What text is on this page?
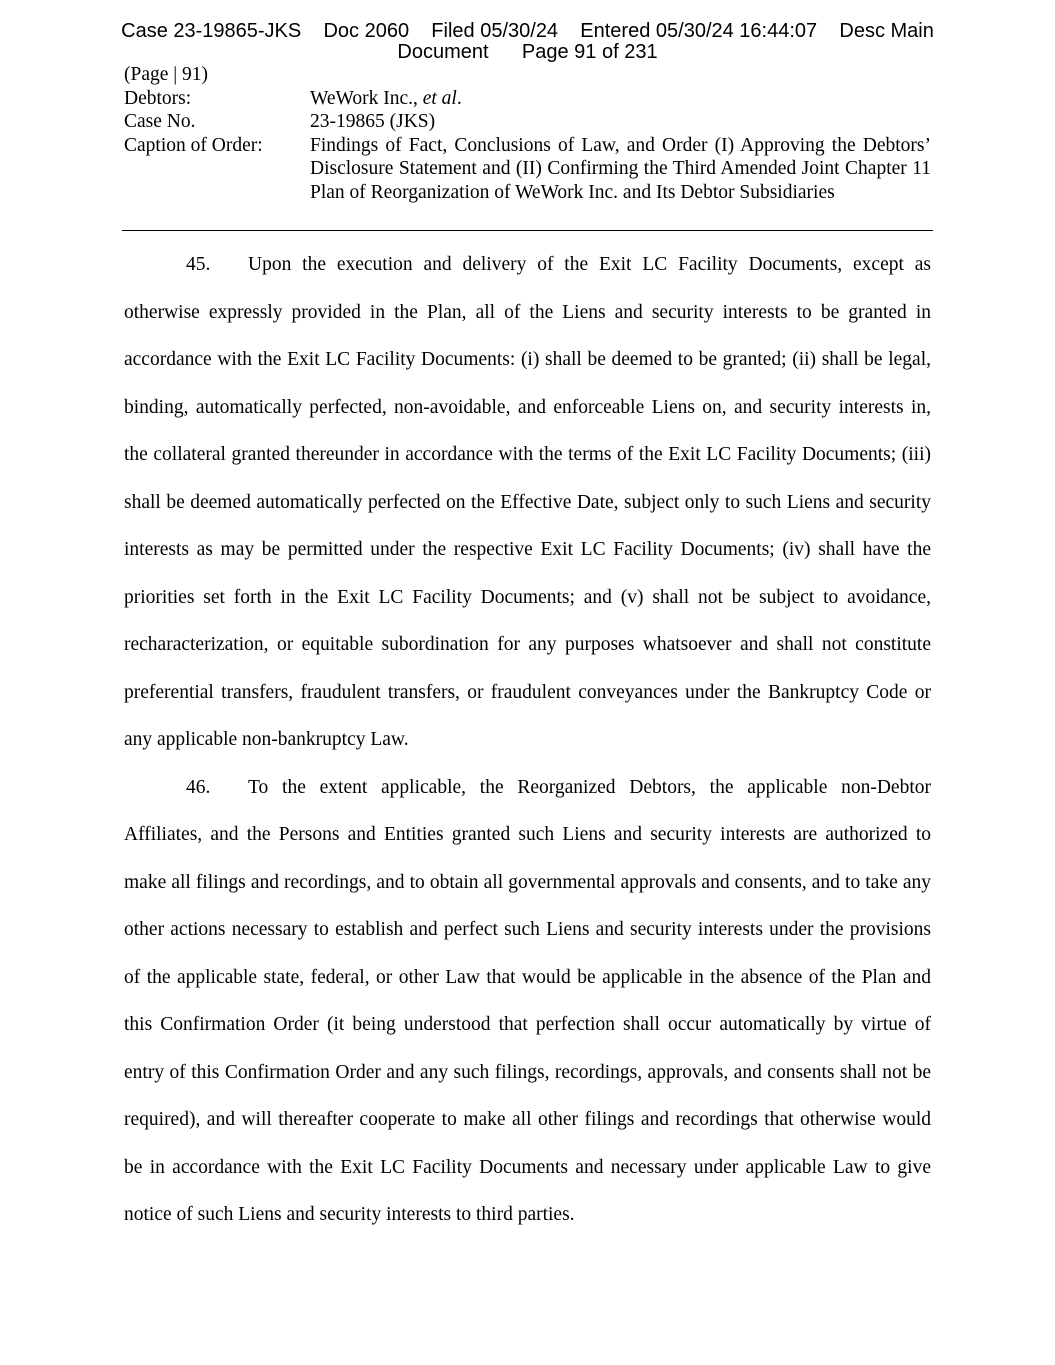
Case 23-19865-JKS    Doc 2060    Filed 05/30/24    Entered 05/30/24 16:44:07    Desc Main
Document      Page 91 of 231
(Page | 91)
Debtors:	WeWork Inc., et al.
Case No.	23-19865 (JKS)
Caption of Order:	Findings of Fact, Conclusions of Law, and Order (I) Approving the Debtors’ Disclosure Statement and (II) Confirming the Third Amended Joint Chapter 11 Plan of Reorganization of WeWork Inc. and Its Debtor Subsidiaries

45. Upon the execution and delivery of the Exit LC Facility Documents, except as otherwise expressly provided in the Plan, all of the Liens and security interests to be granted in accordance with the Exit LC Facility Documents: (i) shall be deemed to be granted; (ii) shall be legal, binding, automatically perfected, non-avoidable, and enforceable Liens on, and security interests in, the collateral granted thereunder in accordance with the terms of the Exit LC Facility Documents; (iii) shall be deemed automatically perfected on the Effective Date, subject only to such Liens and security interests as may be permitted under the respective Exit LC Facility Documents; (iv) shall have the priorities set forth in the Exit LC Facility Documents; and (v) shall not be subject to avoidance, recharacterization, or equitable subordination for any purposes whatsoever and shall not constitute preferential transfers, fraudulent transfers, or fraudulent conveyances under the Bankruptcy Code or any applicable non-bankruptcy Law.

46. To the extent applicable, the Reorganized Debtors, the applicable non-Debtor Affiliates, and the Persons and Entities granted such Liens and security interests are authorized to make all filings and recordings, and to obtain all governmental approvals and consents, and to take any other actions necessary to establish and perfect such Liens and security interests under the provisions of the applicable state, federal, or other Law that would be applicable in the absence of the Plan and this Confirmation Order (it being understood that perfection shall occur automatically by virtue of entry of this Confirmation Order and any such filings, recordings, approvals, and consents shall not be required), and will thereafter cooperate to make all other filings and recordings that otherwise would be in accordance with the Exit LC Facility Documents and necessary under applicable Law to give notice of such Liens and security interests to third parties.
